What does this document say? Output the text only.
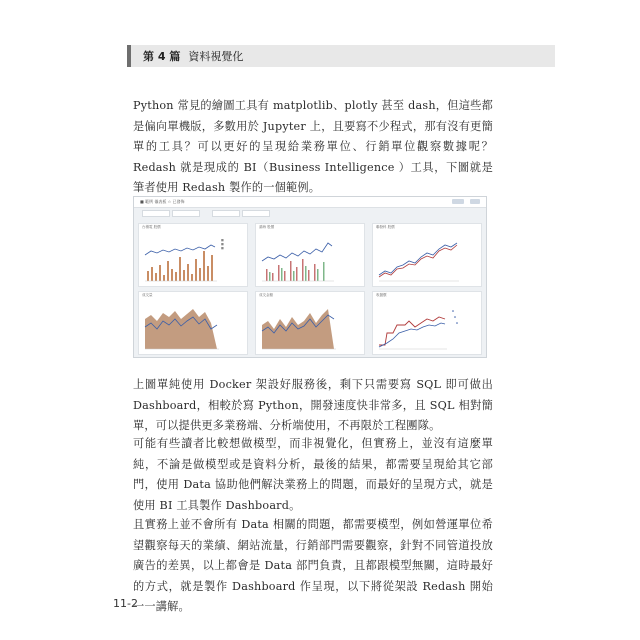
第 4 篇 資料視覺化

Python 常見的繪圖工具有 matplotlib、plotly 甚至 dash，但這些都是偏向單機版，多數用於 Jupyter 上，且要寫不少程式，那有沒有更簡單的工具？可以更好的呈現給業務單位、行銷單位觀察數據呢？ Redash 就是現成的 BI（Business Intelligence ）工具，下圖就是筆者使用 Redash 製作的一個範例。

■ 範例 儀表板 ☆ 已發佈
台積電 股價
■
■
■
鴻海 股價	聯發科 股價
成交量	成交金額	收盤價

上圖單純使用 Docker 架設好服務後，剩下只需要寫 SQL 即可做出 Dashboard，相較於寫 Python，開發速度快非常多，且 SQL 相對簡單，可以提供更多業務端、分析端使用，不再限於工程團隊。

可能有些讀者比較想做模型，而非視覺化，但實務上，並沒有這麼單純，不論是做模型或是資料分析，最後的結果，都需要呈現給其它部門，使用 Data 協助他們解決業務上的問題，而最好的呈現方式，就是使用 BI 工具製作 Dashboard。

且實務上並不會所有 Data 相關的問題，都需要模型，例如營運單位希望觀察每天的業績、網站流量，行銷部門需要觀察，針對不同管道投放廣告的差異，以上都會是 Data 部門負責，且都跟模型無關，這時最好的方式，就是製作 Dashboard 作呈現，以下將從架設 Redash 開始一一講解。

11-2
